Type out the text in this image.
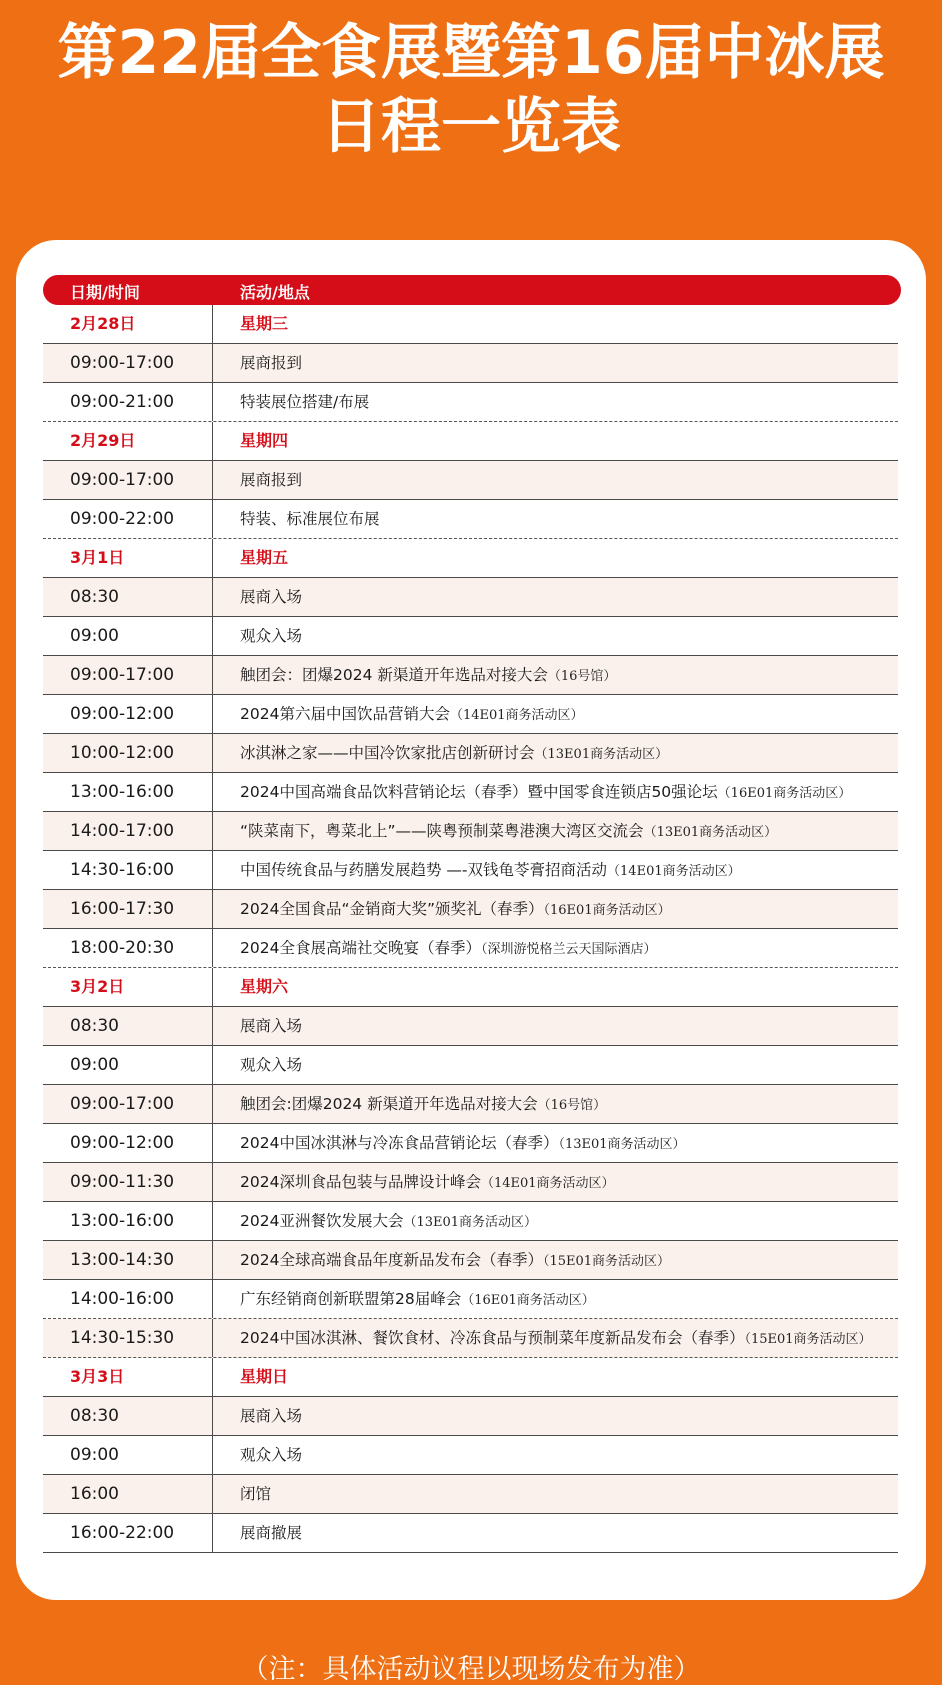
第22届全食展暨第16届中冰展
日程一览表
日期/时间	活动/地点
2月28日	星期三
09:00-17:00	展商报到
09:00-21:00	特装展位搭建/布展
2月29日	星期四
09:00-17:00	展商报到
09:00-22:00	特装、标准展位布展
3月1日	星期五
08:30	展商入场
09:00	观众入场
09:00-17:00	触团会：团爆2024 新渠道开年选品对接大会（16号馆）
09:00-12:00	2024第六届中国饮品营销大会（14E01商务活动区）
10:00-12:00	冰淇淋之家——中国冷饮家批店创新研讨会（13E01商务活动区）
13:00-16:00	2024中国高端食品饮料营销论坛（春季）暨中国零食连锁店50强论坛（16E01商务活动区）
14:00-17:00	“陕菜南下，粤菜北上”——陕粤预制菜粤港澳大湾区交流会（13E01商务活动区）
14:30-16:00	中国传统食品与药膳发展趋势 —-双钱龟苓膏招商活动（14E01商务活动区）
16:00-17:30	2024全国食品“金销商大奖”颁奖礼（春季）（16E01商务活动区）
18:00-20:30	2024全食展高端社交晚宴（春季）（深圳游悦格兰云天国际酒店）
3月2日	星期六
08:30	展商入场
09:00	观众入场
09:00-17:00	触团会:团爆2024 新渠道开年选品对接大会（16号馆）
09:00-12:00	2024中国冰淇淋与冷冻食品营销论坛（春季）（13E01商务活动区）
09:00-11:30	2024深圳食品包装与品牌设计峰会（14E01商务活动区）
13:00-16:00	2024亚洲餐饮发展大会（13E01商务活动区）
13:00-14:30	2024全球高端食品年度新品发布会（春季）（15E01商务活动区）
14:00-16:00	广东经销商创新联盟第28届峰会（16E01商务活动区）
14:30-15:30	2024中国冰淇淋、餐饮食材、冷冻食品与预制菜年度新品发布会（春季）（15E01商务活动区）
3月3日	星期日
08:30	展商入场
09:00	观众入场
16:00	闭馆
16:00-22:00	展商撤展
（注：具体活动议程以现场发布为准）
